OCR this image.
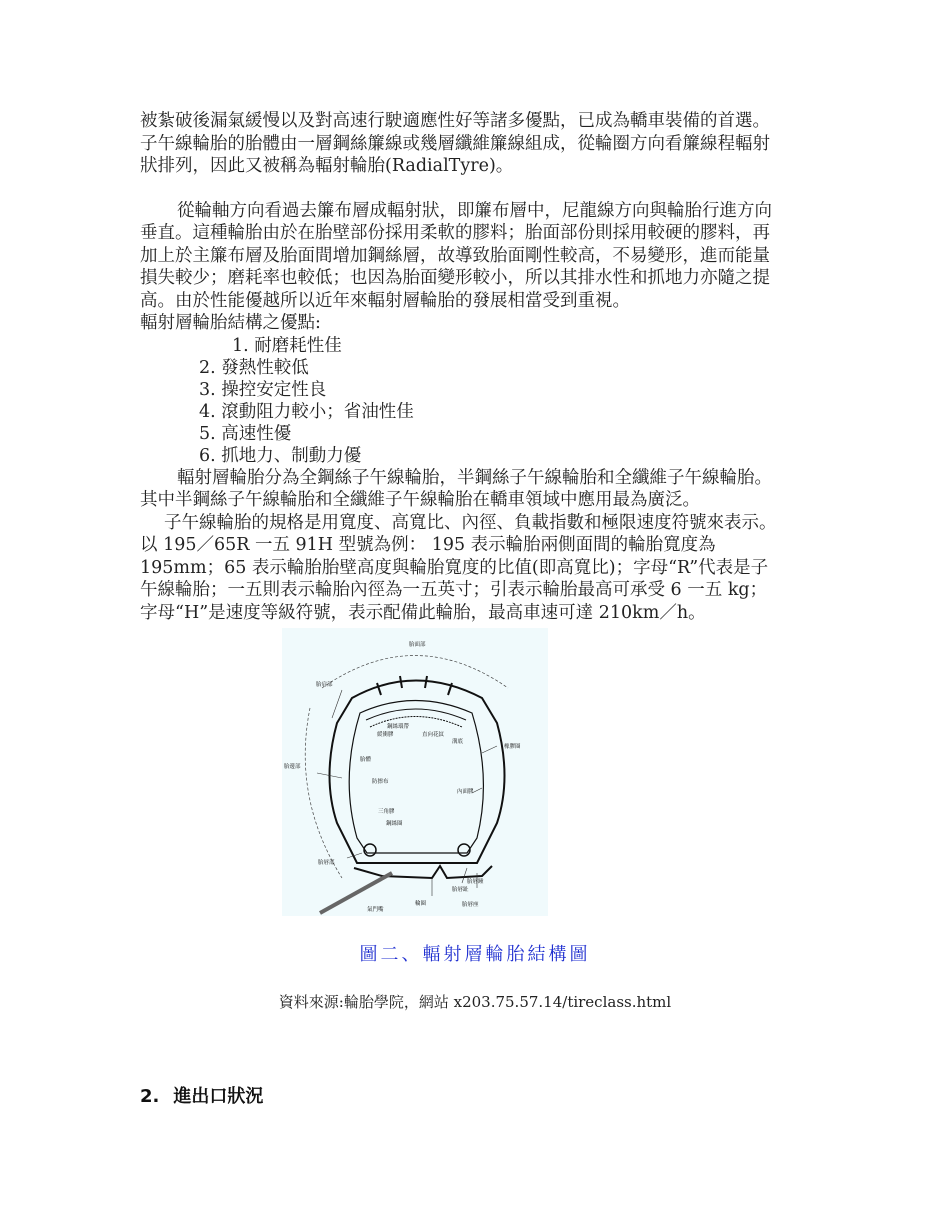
被紮破後漏氣緩慢以及對高速行駛適應性好等諸多優點，已成為轎車裝備的首選。

子午線輪胎的胎體由一層鋼絲簾線或幾層纖維簾線組成，從輪圈方向看簾線程輻射

狀排列，因此又被稱為輻射輪胎(RadialTyre)。

從輪軸方向看過去簾布層成輻射狀，即簾布層中，尼龍線方向與輪胎行進方向

垂直。這種輪胎由於在胎壁部份採用柔軟的膠料；胎面部份則採用較硬的膠料，再

加上於主簾布層及胎面間增加鋼絲層，故導致胎面剛性較高，不易變形，進而能量

損失較少；磨耗率也較低；也因為胎面變形較小，所以其排水性和抓地力亦隨之提

高。由於性能優越所以近年來輻射層輪胎的發展相當受到重視。

輻射層輪胎結構之優點:

1. 耐磨耗性佳
2. 發熱性較低
3. 操控安定性良
4. 滾動阻力較小；省油性佳
5. 高速性優
6. 抓地力、制動力優

輻射層輪胎分為全鋼絲子午線輪胎，半鋼絲子午線輪胎和全纖維子午線輪胎。

其中半鋼絲子午線輪胎和全纖維子午線輪胎在轎車領域中應用最為廣泛。

子午線輪胎的規格是用寬度、高寬比、內徑、負載指數和極限速度符號來表示。

以 195／65R 一五 91H 型號為例： 195 表示輪胎兩側面間的輪胎寬度為

195mm；65 表示輪胎胎壁高度與輪胎寬度的比值(即高寬比)；字母“R”代表是子

午線輪胎；一五則表示輪胎內徑為一五英寸；引表示輪胎最高可承受 6 一五 kg；

字母“H”是速度等級符號，表示配備此輪胎，最高車速可達 210km／h。

胎面部
胎肩部
鋼絲環帶
緩衝膠	直向花紋
溝底
橡膠圈
胎邊部
胎體
防擦布
內面膠
三角膠
鋼絲圈
胎唇部
胎唇踵
胎唇趾
輪圈	胎唇座
氣門嘴
圖二、輻射層輪胎結構圖
資料來源:輪胎學院，網站 x203.75.57.14/tireclass.html
2. 進出口狀況
